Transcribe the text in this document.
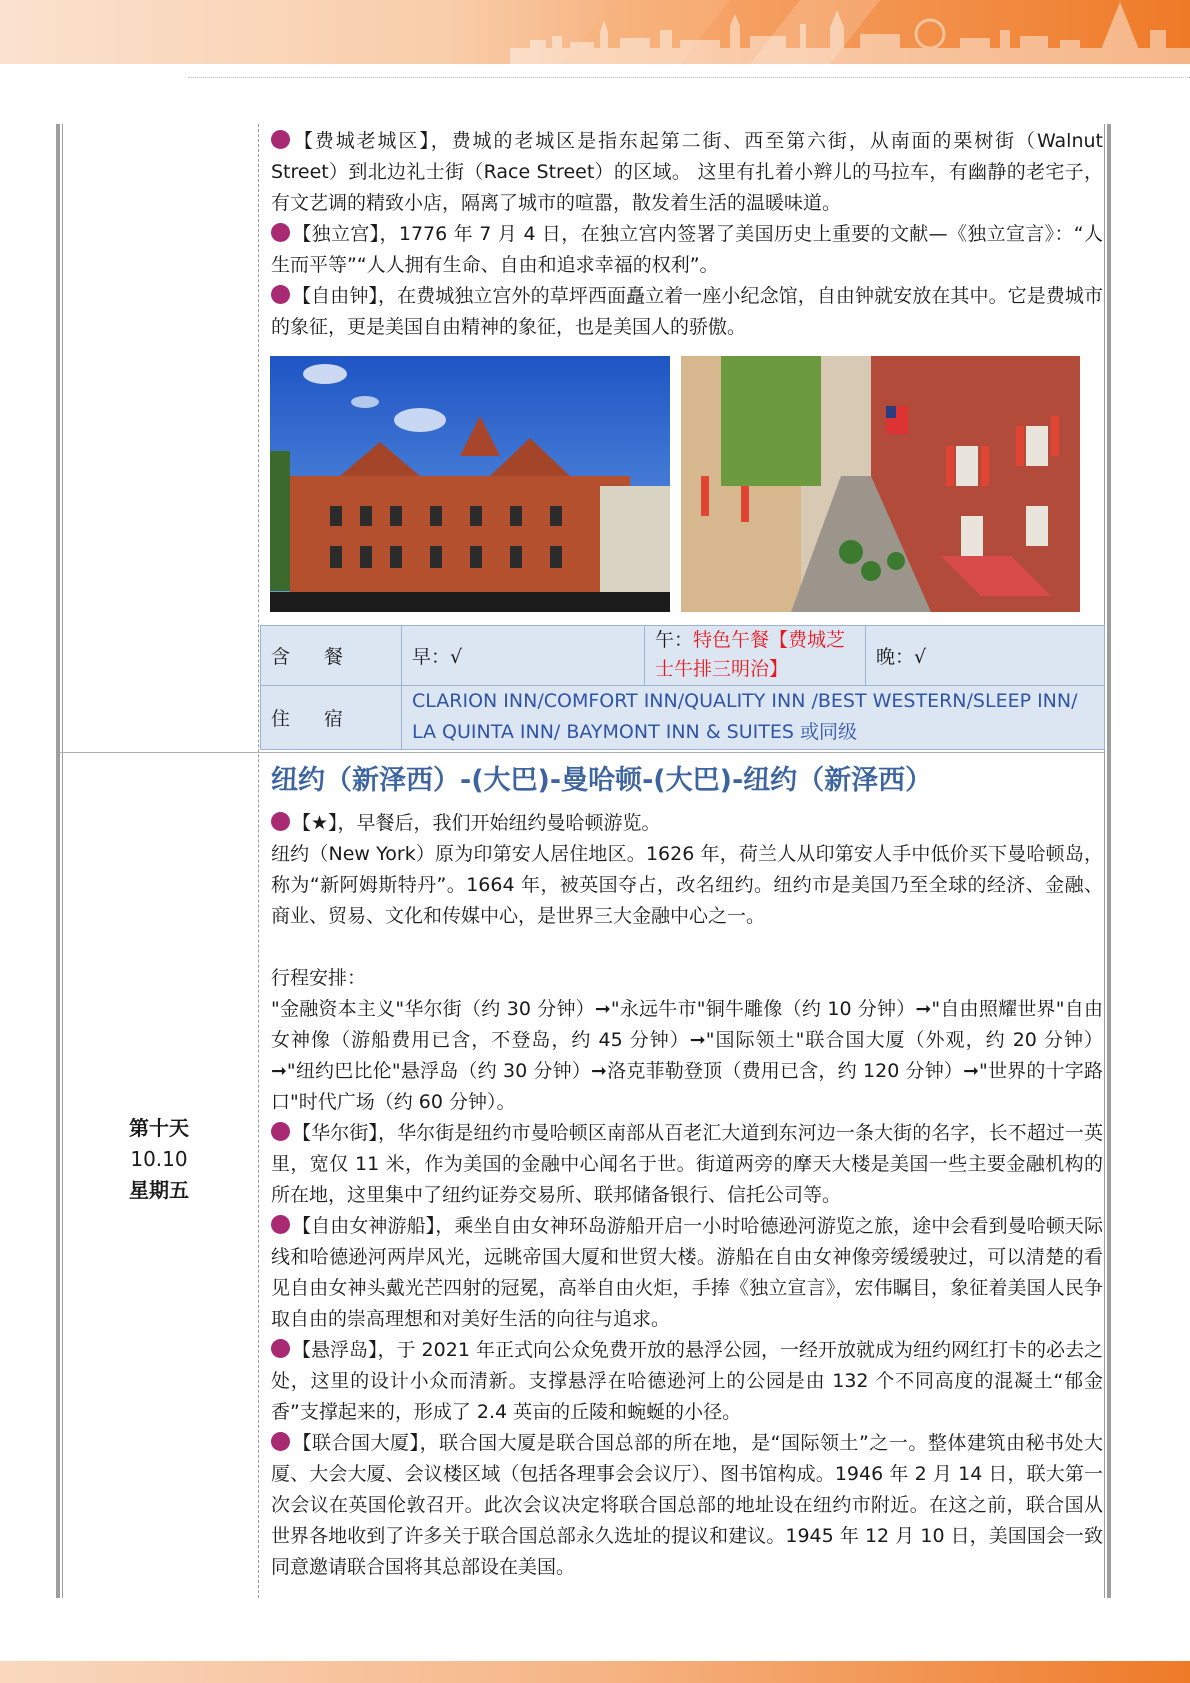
【费城老城区】，费城的老城区是指东起第二街、西至第六街，从南面的栗树街（Walnut Street）到北边礼士街（Race Street）的区域。 这里有扎着小辫儿的马拉车，有幽静的老宅子，有文艺调的精致小店，隔离了城市的喧嚣，散发着生活的温暖味道。

【独立宫】，1776 年 7 月 4 日，在独立宫内签署了美国历史上重要的文献—《独立宣言》：“人生而平等”“人人拥有生命、自由和追求幸福的权利”。

【自由钟】，在费城独立宫外的草坪西面矗立着一座小纪念馆，自由钟就安放在其中。它是费城市的象征，更是美国自由精神的象征，也是美国人的骄傲。

含 餐	早：√	午：特色午餐【费城芝士牛排三明治】	晚：√
住 宿	CLARION INN/COMFORT INN/QUALITY INN /BEST WESTERN/SLEEP INN/ LA QUINTA INN/ BAYMONT INN & SUITES 或同级		
第十天
10.10
星期五
纽约（新泽西）-(大巴)-曼哈顿-(大巴)-纽约（新泽西）

【★】，早餐后，我们开始纽约曼哈顿游览。

纽约（New York）原为印第安人居住地区。1626 年，荷兰人从印第安人手中低价买下曼哈顿岛，称为“新阿姆斯特丹”。1664 年，被英国夺占，改名纽约。纽约市是美国乃至全球的经济、金融、商业、贸易、文化和传媒中心，是世界三大金融中心之一。

行程安排：

"金融资本主义"华尔街（约 30 分钟）➞"永远牛市"铜牛雕像（约 10 分钟）➞"自由照耀世界"自由女神像（游船费用已含，不登岛，约 45 分钟）➞"国际领土"联合国大厦（外观，约 20 分钟）➞"纽约巴比伦"悬浮岛（约 30 分钟）➞洛克菲勒登顶（费用已含，约 120 分钟）➞"世界的十字路口"时代广场（约 60 分钟）。

【华尔街】，华尔街是纽约市曼哈顿区南部从百老汇大道到东河边一条大街的名字，长不超过一英里，宽仅 11 米，作为美国的金融中心闻名于世。街道两旁的摩天大楼是美国一些主要金融机构的所在地，这里集中了纽约证券交易所、联邦储备银行、信托公司等。

【自由女神游船】，乘坐自由女神环岛游船开启一小时哈德逊河游览之旅，途中会看到曼哈顿天际线和哈德逊河两岸风光，远眺帝国大厦和世贸大楼。游船在自由女神像旁缓缓驶过，可以清楚的看见自由女神头戴光芒四射的冠冕，高举自由火炬，手捧《独立宣言》，宏伟瞩目，象征着美国人民争取自由的崇高理想和对美好生活的向往与追求。

【悬浮岛】，于 2021 年正式向公众免费开放的悬浮公园，一经开放就成为纽约网红打卡的必去之处，这里的设计小众而清新。支撑悬浮在哈德逊河上的公园是由 132 个不同高度的混凝土“郁金香”支撑起来的，形成了 2.4 英亩的丘陵和蜿蜒的小径。

【联合国大厦】，联合国大厦是联合国总部的所在地，是“国际领土”之一。整体建筑由秘书处大厦、大会大厦、会议楼区域（包括各理事会会议厅）、图书馆构成。1946 年 2 月 14 日，联大第一次会议在英国伦敦召开。此次会议决定将联合国总部的地址设在纽约市附近。在这之前，联合国从世界各地收到了许多关于联合国总部永久选址的提议和建议。1945 年 12 月 10 日，美国国会一致同意邀请联合国将其总部设在美国。
